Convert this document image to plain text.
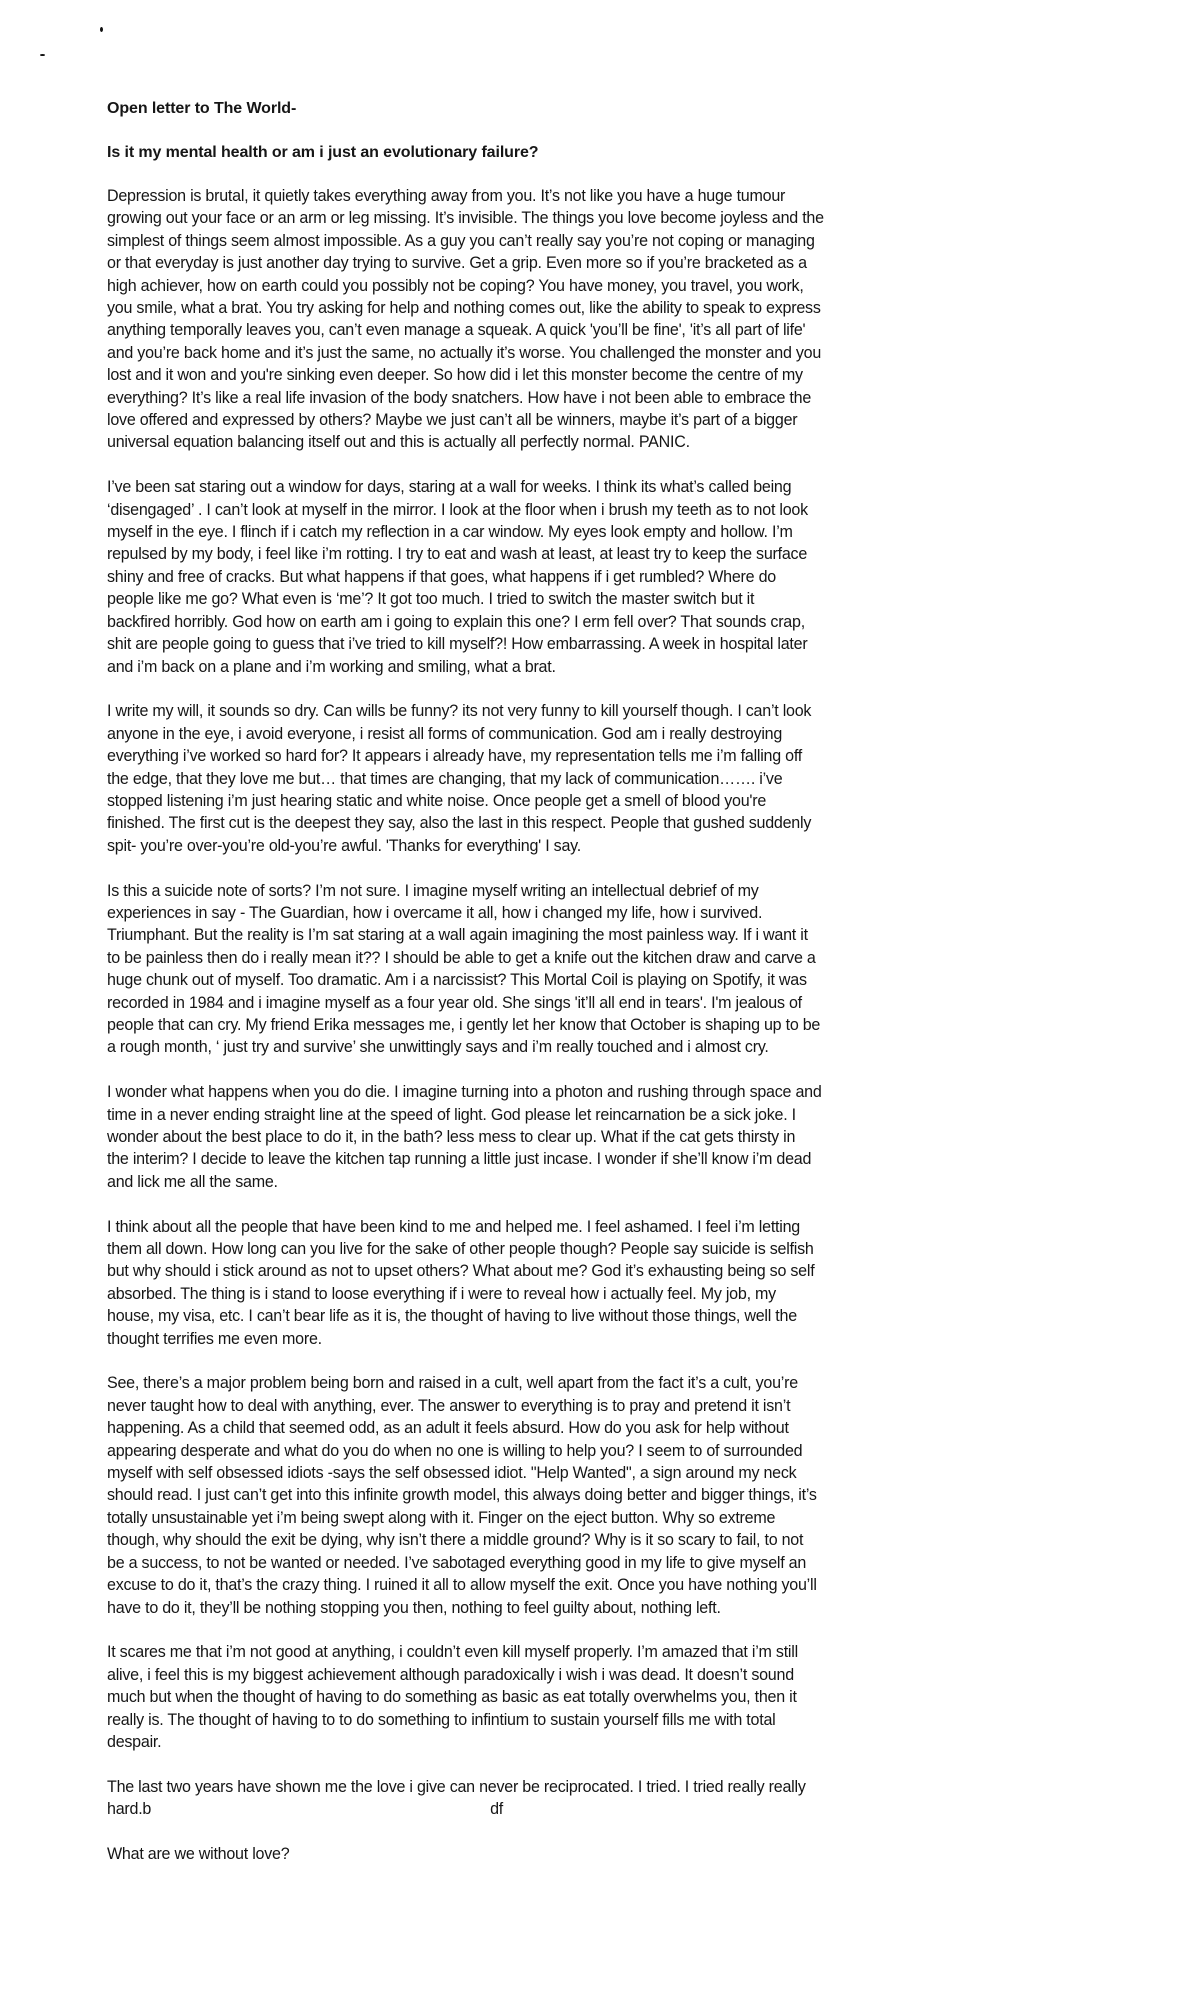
Open letter to The World-

Is it my mental health or am i just an evolutionary failure?

Depression is brutal, it quietly takes everything away from you. It’s not like you have a huge tumour
growing out your face or an arm or leg missing. It’s invisible. The things you love become joyless and the
simplest of things seem almost impossible. As a guy you can’t really say you’re not coping or managing
or that everyday is just another day trying to survive. Get a grip. Even more so if you’re bracketed as a
high achiever, how on earth could you possibly not be coping? You have money, you travel, you work,
you smile, what a brat. You try asking for help and nothing comes out, like the ability to speak to express
anything temporally leaves you, can’t even manage a squeak. A quick 'you’ll be fine', 'it’s all part of life'
and you’re back home and it’s just the same, no actually it’s worse. You challenged the monster and you
lost and it won and you're sinking even deeper. So how did i let this monster become the centre of my
everything? It’s like a real life invasion of the body snatchers. How have i not been able to embrace the
love offered and expressed by others? Maybe we just can’t all be winners, maybe it’s part of a bigger
universal equation balancing itself out and this is actually all perfectly normal. PANIC.
I’ve been sat staring out a window for days, staring at a wall for weeks. I think its what’s called being
‘disengaged’ . I can’t look at myself in the mirror. I look at the floor when i brush my teeth as to not look
myself in the eye. I flinch if i catch my reflection in a car window. My eyes look empty and hollow. I’m
repulsed by my body, i feel like i’m rotting. I try to eat and wash at least, at least try to keep the surface
shiny and free of cracks. But what happens if that goes, what happens if i get rumbled? Where do
people like me go? What even is ‘me’? It got too much. I tried to switch the master switch but it
backfired horribly. God how on earth am i going to explain this one? I erm fell over? That sounds crap,
shit are people going to guess that i’ve tried to kill myself?! How embarrassing. A week in hospital later
and i’m back on a plane and i’m working and smiling, what a brat.
I write my will, it sounds so dry. Can wills be funny? its not very funny to kill yourself though. I can’t look
anyone in the eye, i avoid everyone, i resist all forms of communication. God am i really destroying
everything i’ve worked so hard for? It appears i already have, my representation tells me i’m falling off
the edge, that they love me but… that times are changing, that my lack of communication……. i’ve
stopped listening i’m just hearing static and white noise. Once people get a smell of blood you're
finished. The first cut is the deepest they say, also the last in this respect. People that gushed suddenly
spit- you’re over-you’re old-you’re awful. 'Thanks for everything' I say.
Is this a suicide note of sorts? I’m not sure. I imagine myself writing an intellectual debrief of my
experiences in say - The Guardian, how i overcame it all, how i changed my life, how i survived.
Triumphant. But the reality is I’m sat staring at a wall again imagining the most painless way. If i want it
to be painless then do i really mean it?? I should be able to get a knife out the kitchen draw and carve a
huge chunk out of myself. Too dramatic. Am i a narcissist? This Mortal Coil is playing on Spotify, it was
recorded in 1984 and i imagine myself as a four year old. She sings 'it’ll all end in tears'. I'm jealous of
people that can cry. My friend Erika messages me, i gently let her know that October is shaping up to be
a rough month, ‘ just try and survive’ she unwittingly says and i’m really touched and i almost cry.
I wonder what happens when you do die. I imagine turning into a photon and rushing through space and
time in a never ending straight line at the speed of light. God please let reincarnation be a sick joke. I
wonder about the best place to do it, in the bath? less mess to clear up. What if the cat gets thirsty in
the interim? I decide to leave the kitchen tap running a little just incase. I wonder if she’ll know i’m dead
and lick me all the same.
I think about all the people that have been kind to me and helped me. I feel ashamed. I feel i’m letting
them all down. How long can you live for the sake of other people though? People say suicide is selfish
but why should i stick around as not to upset others? What about me? God it’s exhausting being so self
absorbed. The thing is i stand to loose everything if i were to reveal how i actually feel. My job, my
house, my visa, etc. I can’t bear life as it is, the thought of having to live without those things, well the
thought terrifies me even more.
See, there’s a major problem being born and raised in a cult, well apart from the fact it’s a cult, you’re
never taught how to deal with anything, ever. The answer to everything is to pray and pretend it isn’t
happening. As a child that seemed odd, as an adult it feels absurd. How do you ask for help without
appearing desperate and what do you do when no one is willing to help you? I seem to of surrounded
myself with self obsessed idiots -says the self obsessed idiot. "Help Wanted", a sign around my neck
should read. I just can’t get into this infinite growth model, this always doing better and bigger things, it’s
totally unsustainable yet i’m being swept along with it. Finger on the eject button. Why so extreme
though, why should the exit be dying, why isn’t there a middle ground? Why is it so scary to fail, to not
be a success, to not be wanted or needed. I’ve sabotaged everything good in my life to give myself an
excuse to do it, that’s the crazy thing. I ruined it all to allow myself the exit. Once you have nothing you’ll
have to do it, they’ll be nothing stopping you then, nothing to feel guilty about, nothing left.
It scares me that i’m not good at anything, i couldn’t even kill myself properly. I’m amazed that i’m still
alive, i feel this is my biggest achievement although paradoxically i wish i was dead. It doesn’t sound
much but when the thought of having to do something as basic as eat totally overwhelms you, then it
really is. The thought of having to to do something to infintium to sustain yourself fills me with total
despair.
The last two years have shown me the love i give can never be reciprocated. I tried. I tried really really
hard.b	df
What are we without love?
